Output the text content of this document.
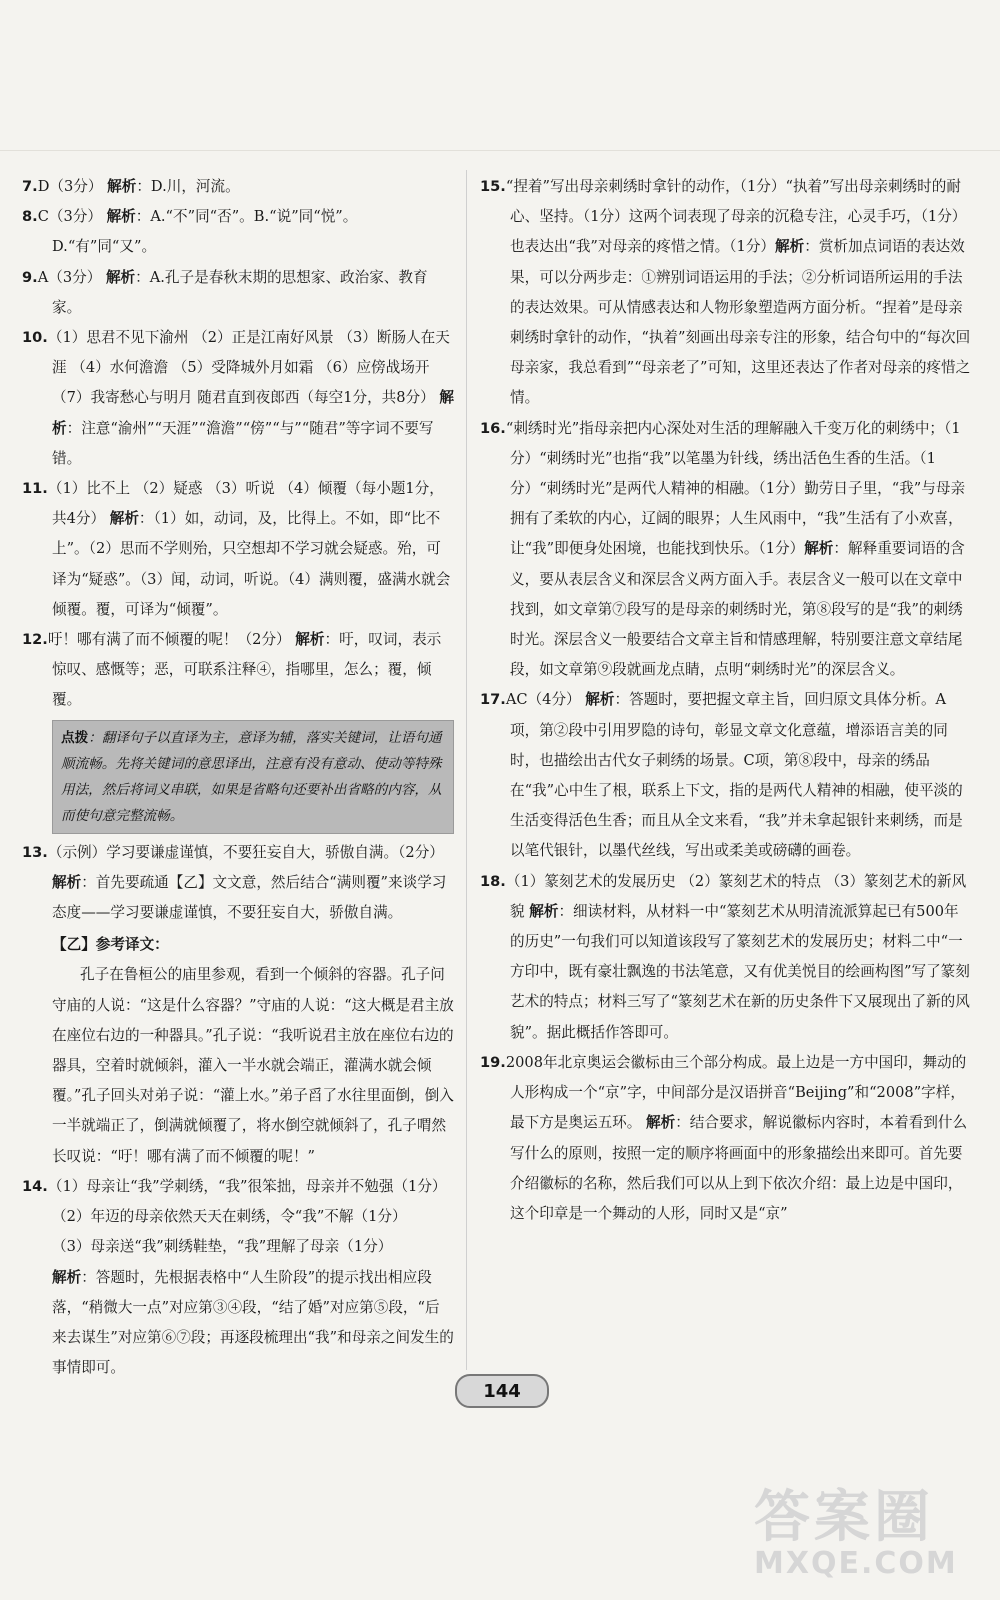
7.D（3分） 解析：D.川，河流。

8.C（3分） 解析：A.“不”同“否”。B.“说”同“悦”。D.“有”同“又”。

9.A（3分） 解析：A.孔子是春秋末期的思想家、政治家、教育家。

10.（1）思君不见下渝州 （2）正是江南好风景 （3）断肠人在天涯 （4）水何澹澹 （5）受降城外月如霜 （6）应傍战场开 （7）我寄愁心与明月 随君直到夜郎西（每空1分，共8分） 解析：注意“渝州”“天涯”“澹澹”“傍”“与”“随君”等字词不要写错。

11.（1）比不上 （2）疑惑 （3）听说 （4）倾覆（每小题1分，共4分） 解析：（1）如，动词，及，比得上。不如，即“比不上”。（2）思而不学则殆，只空想却不学习就会疑惑。殆，可译为“疑惑”。（3）闻，动词，听说。（4）满则覆，盛满水就会倾覆。覆，可译为“倾覆”。

12.吁！哪有满了而不倾覆的呢！（2分） 解析：吁，叹词，表示惊叹、感慨等；恶，可联系注释④，指哪里，怎么；覆，倾覆。

点拨：翻译句子以直译为主，意译为辅，落实关键词，让语句通顺流畅。先将关键词的意思译出，注意有没有意动、使动等特殊用法，然后将词义串联，如果是省略句还要补出省略的内容，从而使句意完整流畅。

13.（示例）学习要谦虚谨慎，不要狂妄自大，骄傲自满。（2分） 解析：首先要疏通【乙】文文意，然后结合“满则覆”来谈学习态度——学习要谦虚谨慎，不要狂妄自大，骄傲自满。

【乙】参考译文：

孔子在鲁桓公的庙里参观，看到一个倾斜的容器。孔子问守庙的人说：“这是什么容器？”守庙的人说：“这大概是君主放在座位右边的一种器具。”孔子说：“我听说君主放在座位右边的器具，空着时就倾斜，灌入一半水就会端正，灌满水就会倾覆。”孔子回头对弟子说：“灌上水。”弟子舀了水往里面倒，倒入一半就端正了，倒满就倾覆了，将水倒空就倾斜了，孔子喟然长叹说：“吁！哪有满了而不倾覆的呢！”

14.（1）母亲让“我”学刺绣，“我”很笨拙，母亲并不勉强（1分）

（2）年迈的母亲依然天天在刺绣，令“我”不解（1分）

（3）母亲送“我”刺绣鞋垫，“我”理解了母亲（1分）

解析：答题时，先根据表格中“人生阶段”的提示找出相应段落，“稍微大一点”对应第③④段，“结了婚”对应第⑤段，“后来去谋生”对应第⑥⑦段；再逐段梳理出“我”和母亲之间发生的事情即可。

15.“捏着”写出母亲刺绣时拿针的动作，（1分）“执着”写出母亲刺绣时的耐心、坚持。（1分）这两个词表现了母亲的沉稳专注，心灵手巧，（1分）也表达出“我”对母亲的疼惜之情。（1分）解析：赏析加点词语的表达效果，可以分两步走：①辨别词语运用的手法；②分析词语所运用的手法的表达效果。可从情感表达和人物形象塑造两方面分析。“捏着”是母亲刺绣时拿针的动作，“执着”刻画出母亲专注的形象，结合句中的“每次回母亲家，我总看到”“母亲老了”可知，这里还表达了作者对母亲的疼惜之情。

16.“刺绣时光”指母亲把内心深处对生活的理解融入千变万化的刺绣中；（1分）“刺绣时光”也指“我”以笔墨为针线，绣出活色生香的生活。（1分）“刺绣时光”是两代人精神的相融。（1分）勤劳日子里，“我”与母亲拥有了柔软的内心，辽阔的眼界；人生风雨中，“我”生活有了小欢喜，让“我”即便身处困境，也能找到快乐。（1分）解析：解释重要词语的含义，要从表层含义和深层含义两方面入手。表层含义一般可以在文章中找到，如文章第⑦段写的是母亲的刺绣时光，第⑧段写的是“我”的刺绣时光。深层含义一般要结合文章主旨和情感理解，特别要注意文章结尾段，如文章第⑨段就画龙点睛，点明“刺绣时光”的深层含义。

17.AC（4分） 解析：答题时，要把握文章主旨，回归原文具体分析。A项，第②段中引用罗隐的诗句，彰显文章文化意蕴，增添语言美的同时，也描绘出古代女子刺绣的场景。C项，第⑧段中，母亲的绣品在“我”心中生了根，联系上下文，指的是两代人精神的相融，使平淡的生活变得活色生香；而且从全文来看，“我”并未拿起银针来刺绣，而是以笔代银针，以墨代丝线，写出或柔美或磅礴的画卷。

18.（1）篆刻艺术的发展历史 （2）篆刻艺术的特点 （3）篆刻艺术的新风貌 解析：细读材料，从材料一中“篆刻艺术从明清流派算起已有500年的历史”一句我们可以知道该段写了篆刻艺术的发展历史；材料二中“一方印中，既有豪壮飘逸的书法笔意，又有优美悦目的绘画构图”写了篆刻艺术的特点；材料三写了“篆刻艺术在新的历史条件下又展现出了新的风貌”。据此概括作答即可。

19.2008年北京奥运会徽标由三个部分构成。最上边是一方中国印，舞动的人形构成一个“京”字，中间部分是汉语拼音“Beijing”和“2008”字样，最下方是奥运五环。 解析：结合要求，解说徽标内容时，本着看到什么写什么的原则，按照一定的顺序将画面中的形象描绘出来即可。首先要介绍徽标的名称，然后我们可以从上到下依次介绍：最上边是中国印，这个印章是一个舞动的人形，同时又是“京”

144
答案圈
MXQE.COM
